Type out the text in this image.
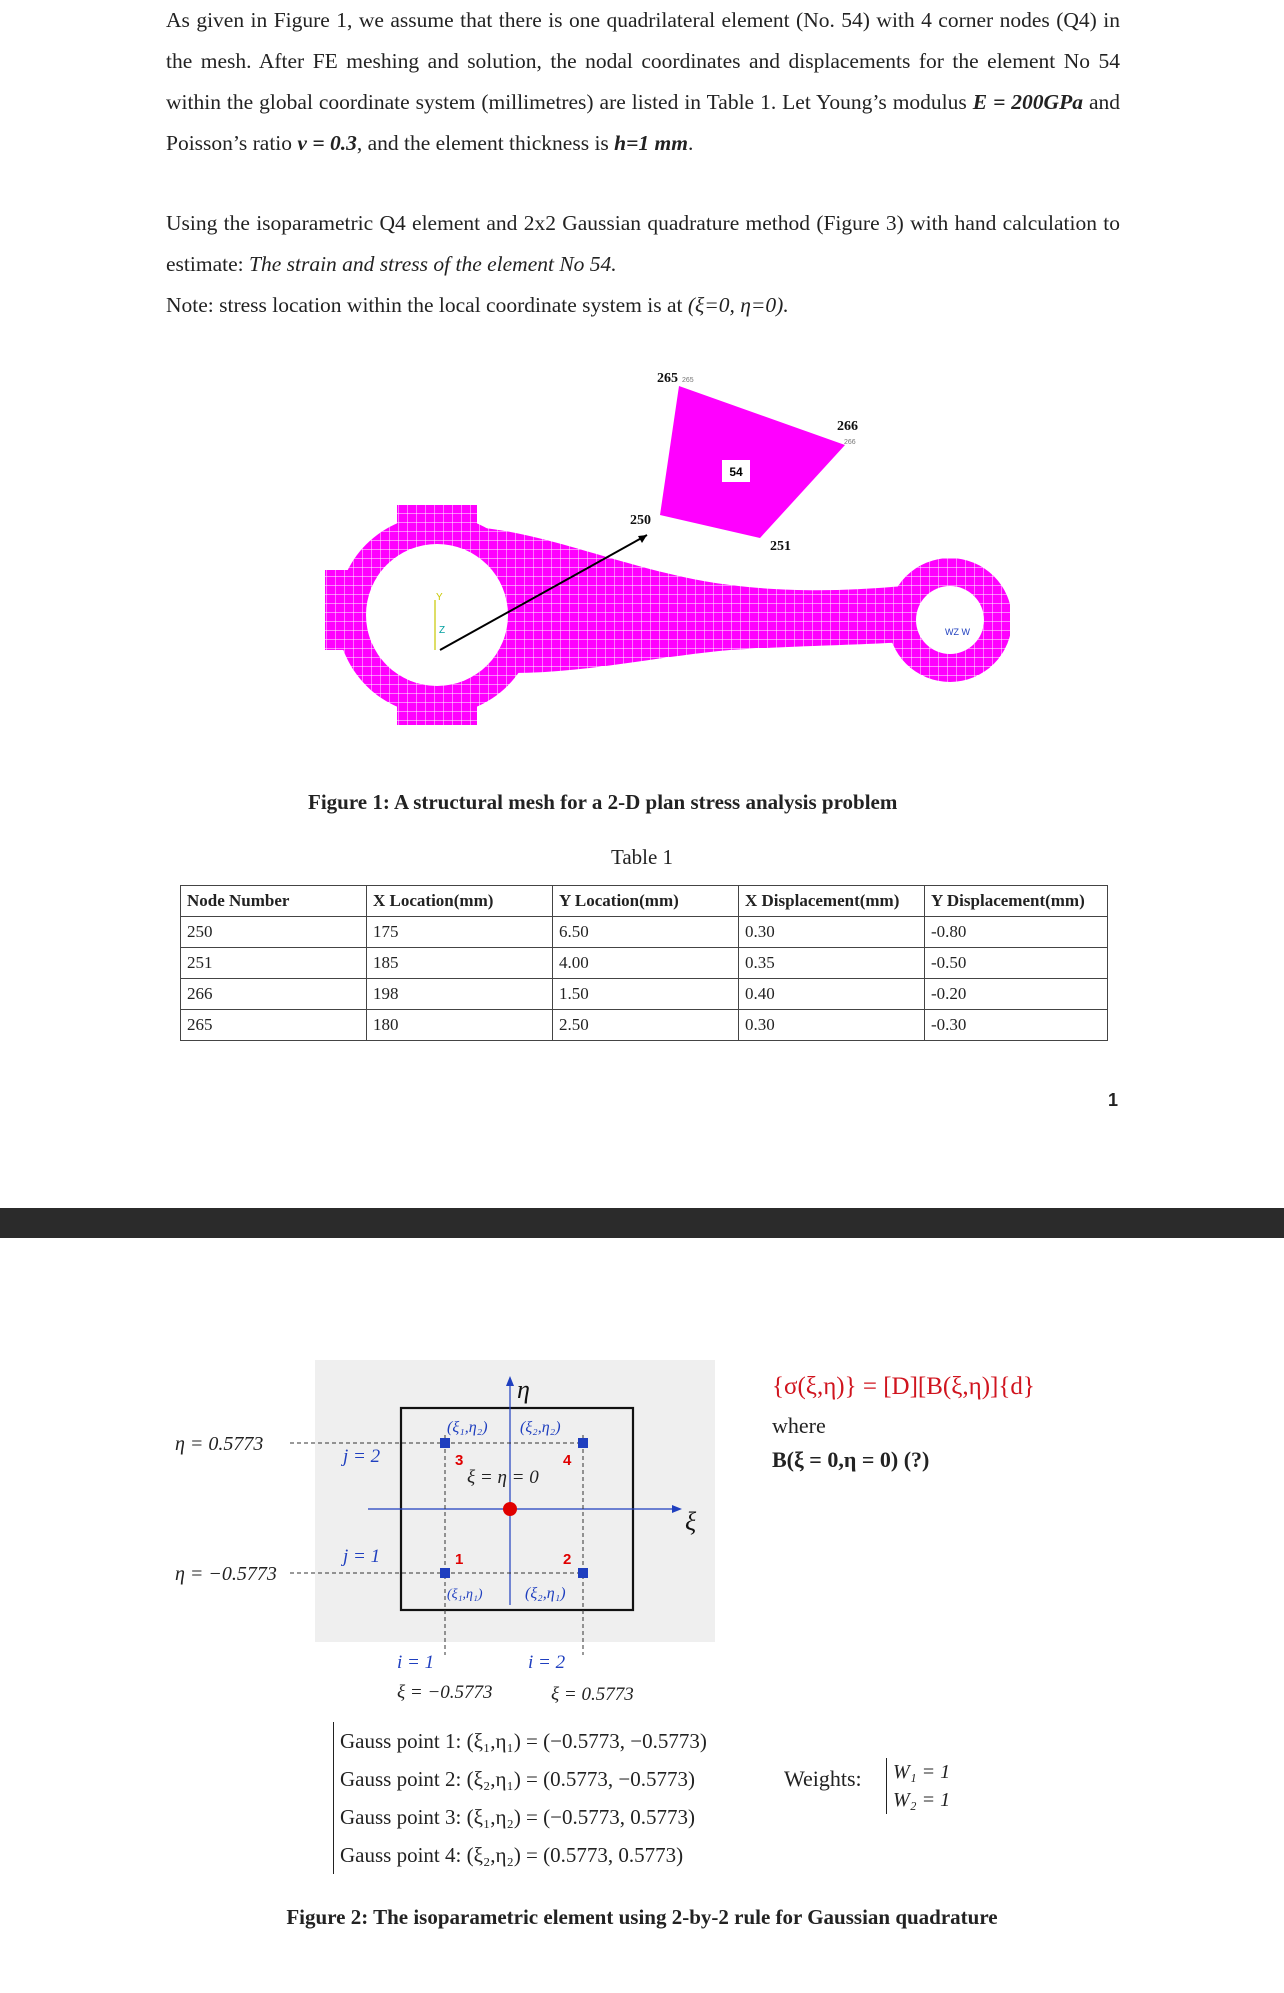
As given in Figure 1, we assume that there is one quadrilateral element (No. 54) with 4 corner nodes (Q4) in the mesh. After FE meshing and solution, the nodal coordinates and displacements for the element No 54 within the global coordinate system (millimetres) are listed in Table 1. Let Young’s modulus E = 200GPa and Poisson’s ratio v = 0.3, and the element thickness is h=1 mm.
Using the isoparametric Q4 element and 2x2 Gaussian quadrature method (Figure 3) with hand calculation to estimate: The strain and stress of the element No 54.
Note: stress location within the local coordinate system is at (ξ=0, η=0).
54
Y
Z	WZ W
265 265
266
266
250
251
Figure 1: A structural mesh for a 2-D plan stress analysis problem
Table 1
Node Number	X Location(mm)	Y Location(mm)	X Displacement(mm)	Y Displacement(mm)
250	175	6.50	0.30	-0.80
251	185	4.00	0.35	-0.50
266	198	1.50	0.40	-0.20
265	180	2.50	0.30	-0.30
1
η
ξ
η = 0.5773
η = −0.5773
j = 2
j = 1
i = 1	i = 2
ξ = −0.5773	ξ = 0.5773
ξ = η = 0
(ξ₁,η₂) (ξ₂,η₂)
(ξ₁,η₁)	(ξ₂,η₁)
3	4
1	2
{σ(ξ,η)} = [D][B(ξ,η)]{d}
where
B(ξ = 0,η = 0) (?)
Gauss point 1: (ξ₁,η₁) = (−0.5773, −0.5773)
Gauss point 2: (ξ₂,η₁) = (0.5773, −0.5773)
Gauss point 3: (ξ₁,η₂) = (−0.5773, 0.5773)
Gauss point 4: (ξ₂,η₂) = (0.5773, 0.5773)
Weights: W₁ = 1
W₂ = 1
Figure 2: The isoparametric element using 2-by-2 rule for Gaussian quadrature
